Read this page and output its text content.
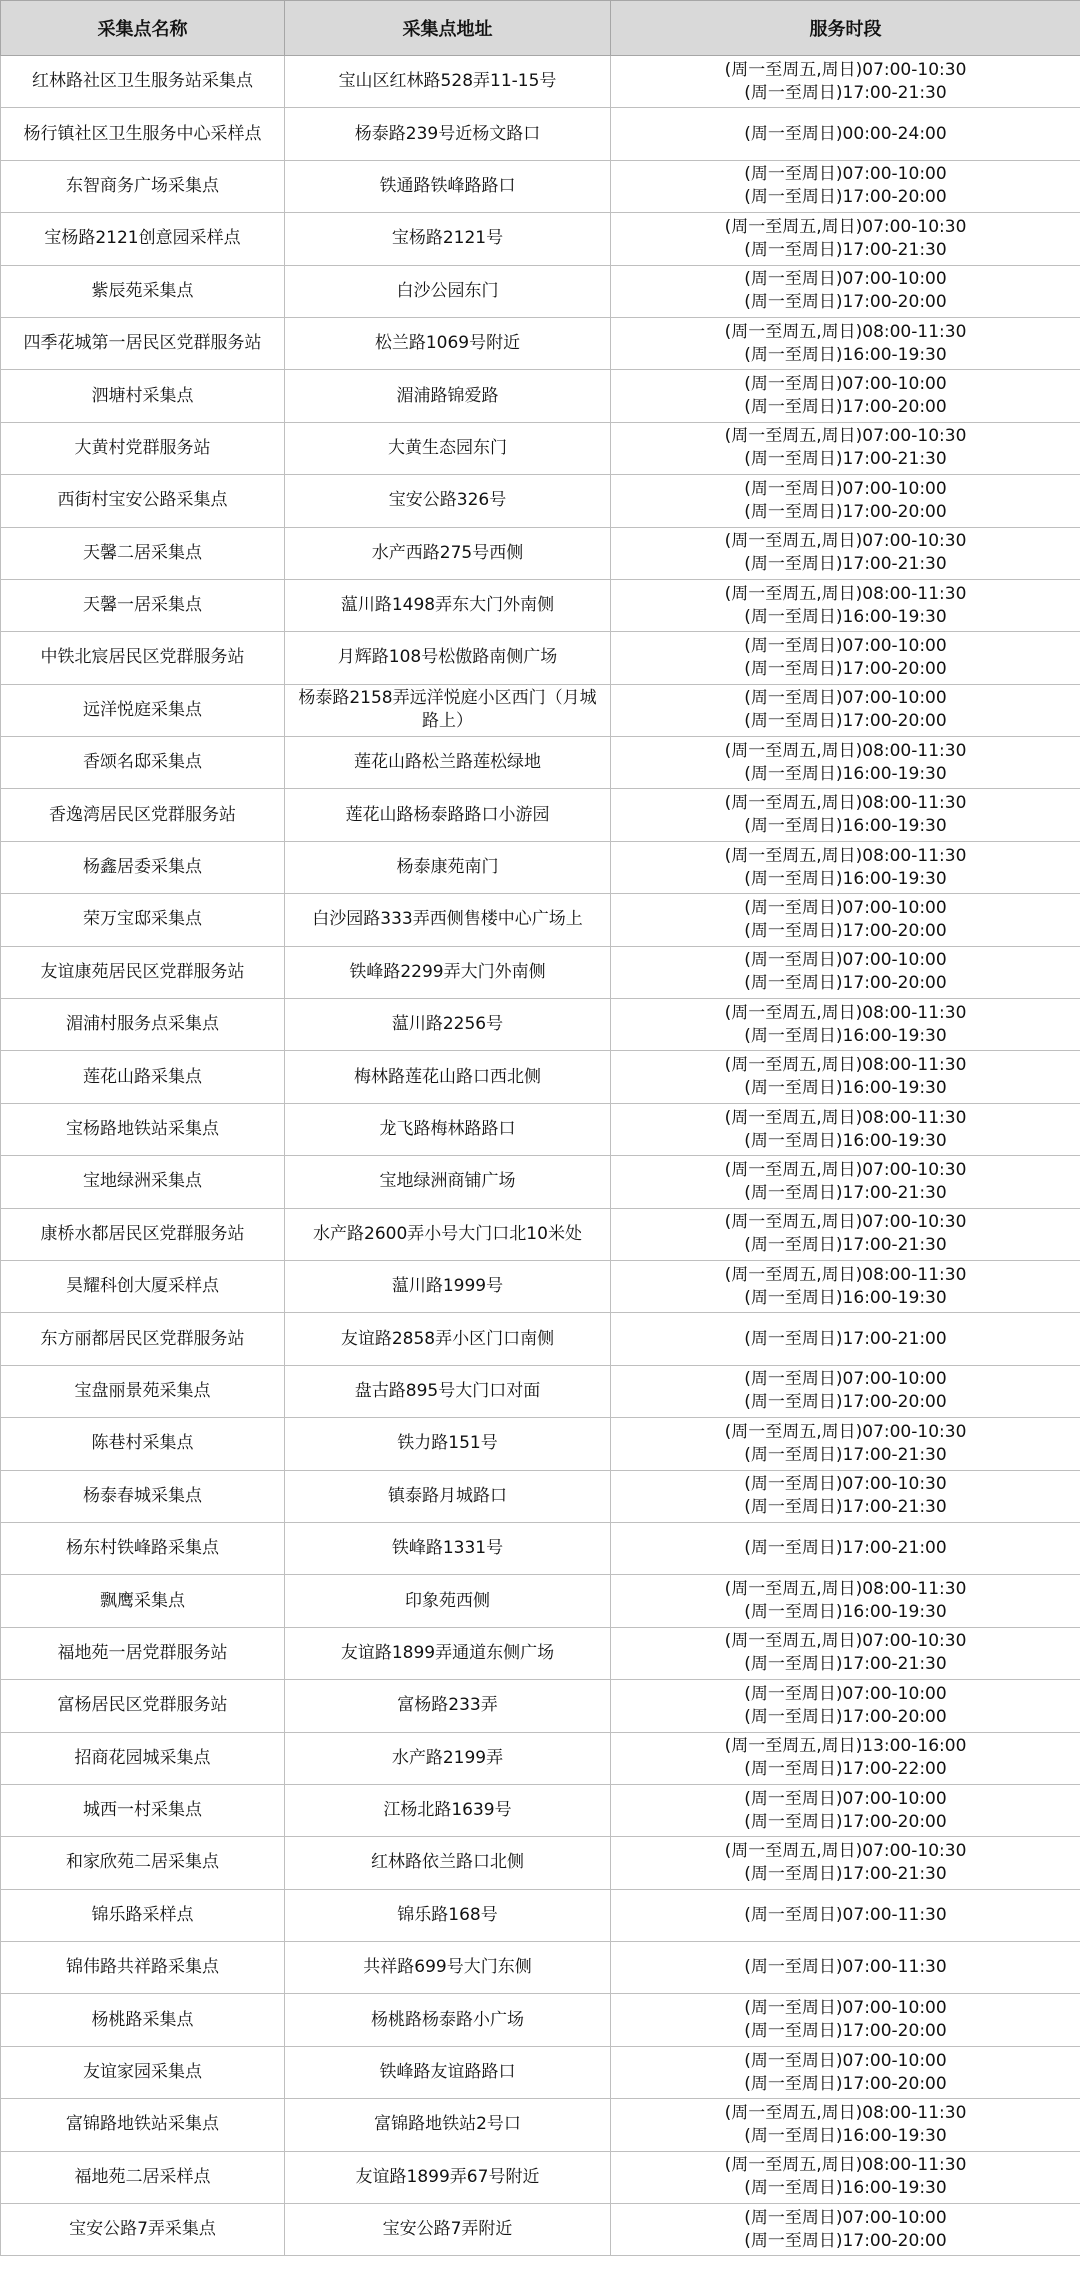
采集点名称	采集点地址	服务时段
红林路社区卫生服务站采集点	宝山区红林路528弄11-15号	(周一至周五,周日)07:00-10:30
(周一至周日)17:00-21:30
杨行镇社区卫生服务中心采样点	杨泰路239号近杨文路口	(周一至周日)00:00-24:00
东智商务广场采集点	铁通路铁峰路路口	(周一至周日)07:00-10:00
(周一至周日)17:00-20:00
宝杨路2121创意园采样点	宝杨路2121号	(周一至周五,周日)07:00-10:30
(周一至周日)17:00-21:30
紫辰苑采集点	白沙公园东门	(周一至周日)07:00-10:00
(周一至周日)17:00-20:00
四季花城第一居民区党群服务站	松兰路1069号附近	(周一至周五,周日)08:00-11:30
(周一至周日)16:00-19:30
泗塘村采集点	湄浦路锦爱路	(周一至周日)07:00-10:00
(周一至周日)17:00-20:00
大黄村党群服务站	大黄生态园东门	(周一至周五,周日)07:00-10:30
(周一至周日)17:00-21:30
西街村宝安公路采集点	宝安公路326号	(周一至周日)07:00-10:00
(周一至周日)17:00-20:00
天馨二居采集点	水产西路275号西侧	(周一至周五,周日)07:00-10:30
(周一至周日)17:00-21:30
天馨一居采集点	蕰川路1498弄东大门外南侧	(周一至周五,周日)08:00-11:30
(周一至周日)16:00-19:30
中铁北宸居民区党群服务站	月辉路108号松傲路南侧广场	(周一至周日)07:00-10:00
(周一至周日)17:00-20:00
远洋悦庭采集点	杨泰路2158弄远洋悦庭小区西门（月城路上）	(周一至周日)07:00-10:00
(周一至周日)17:00-20:00
香颂名邸采集点	莲花山路松兰路莲松绿地	(周一至周五,周日)08:00-11:30
(周一至周日)16:00-19:30
香逸湾居民区党群服务站	莲花山路杨泰路路口小游园	(周一至周五,周日)08:00-11:30
(周一至周日)16:00-19:30
杨鑫居委采集点	杨泰康苑南门	(周一至周五,周日)08:00-11:30
(周一至周日)16:00-19:30
荣万宝邸采集点	白沙园路333弄西侧售楼中心广场上	(周一至周日)07:00-10:00
(周一至周日)17:00-20:00
友谊康苑居民区党群服务站	铁峰路2299弄大门外南侧	(周一至周日)07:00-10:00
(周一至周日)17:00-20:00
湄浦村服务点采集点	蕰川路2256号	(周一至周五,周日)08:00-11:30
(周一至周日)16:00-19:30
莲花山路采集点	梅林路莲花山路口西北侧	(周一至周五,周日)08:00-11:30
(周一至周日)16:00-19:30
宝杨路地铁站采集点	龙飞路梅林路路口	(周一至周五,周日)08:00-11:30
(周一至周日)16:00-19:30
宝地绿洲采集点	宝地绿洲商铺广场	(周一至周五,周日)07:00-10:30
(周一至周日)17:00-21:30
康桥水都居民区党群服务站	水产路2600弄小号大门口北10米处	(周一至周五,周日)07:00-10:30
(周一至周日)17:00-21:30
昊耀科创大厦采样点	蕰川路1999号	(周一至周五,周日)08:00-11:30
(周一至周日)16:00-19:30
东方丽都居民区党群服务站	友谊路2858弄小区门口南侧	(周一至周日)17:00-21:00
宝盘丽景苑采集点	盘古路895号大门口对面	(周一至周日)07:00-10:00
(周一至周日)17:00-20:00
陈巷村采集点	铁力路151号	(周一至周五,周日)07:00-10:30
(周一至周日)17:00-21:30
杨泰春城采集点	镇泰路月城路口	(周一至周日)07:00-10:30
(周一至周日)17:00-21:30
杨东村铁峰路采集点	铁峰路1331号	(周一至周日)17:00-21:00
飘鹰采集点	印象苑西侧	(周一至周五,周日)08:00-11:30
(周一至周日)16:00-19:30
福地苑一居党群服务站	友谊路1899弄通道东侧广场	(周一至周五,周日)07:00-10:30
(周一至周日)17:00-21:30
富杨居民区党群服务站	富杨路233弄	(周一至周日)07:00-10:00
(周一至周日)17:00-20:00
招商花园城采集点	水产路2199弄	(周一至周五,周日)13:00-16:00
(周一至周日)17:00-22:00
城西一村采集点	江杨北路1639号	(周一至周日)07:00-10:00
(周一至周日)17:00-20:00
和家欣苑二居采集点	红林路依兰路口北侧	(周一至周五,周日)07:00-10:30
(周一至周日)17:00-21:30
锦乐路采样点	锦乐路168号	(周一至周日)07:00-11:30
锦伟路共祥路采集点	共祥路699号大门东侧	(周一至周日)07:00-11:30
杨桃路采集点	杨桃路杨泰路小广场	(周一至周日)07:00-10:00
(周一至周日)17:00-20:00
友谊家园采集点	铁峰路友谊路路口	(周一至周日)07:00-10:00
(周一至周日)17:00-20:00
富锦路地铁站采集点	富锦路地铁站2号口	(周一至周五,周日)08:00-11:30
(周一至周日)16:00-19:30
福地苑二居采样点	友谊路1899弄67号附近	(周一至周五,周日)08:00-11:30
(周一至周日)16:00-19:30
宝安公路7弄采集点	宝安公路7弄附近	(周一至周日)07:00-10:00
(周一至周日)17:00-20:00
